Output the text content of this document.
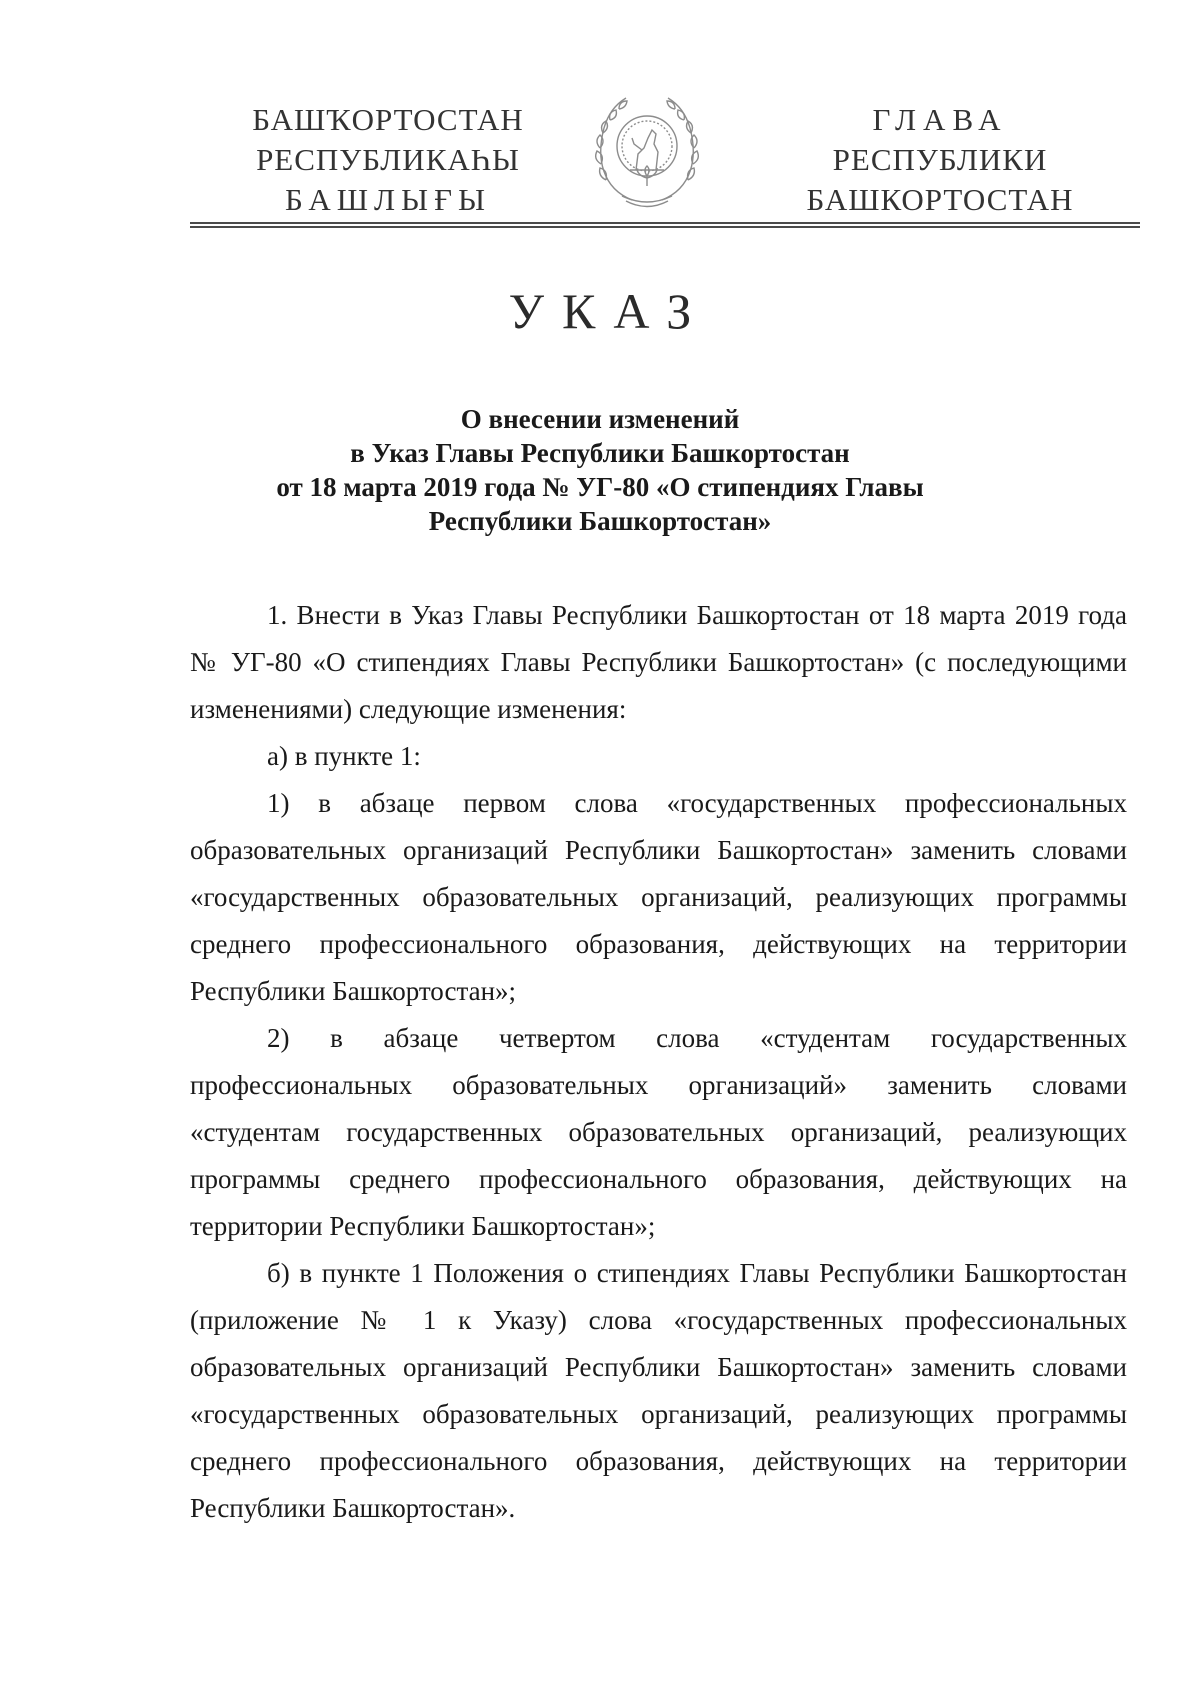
БАШҠОРТОСТАН
РЕСПУБЛИКАҺЫ
БАШЛЫҒЫ
ГЛАВА
РЕСПУБЛИКИ
БАШКОРТОСТАН
УКАЗ
О внесении изменений
в Указ Главы Республики Башкортостан
от 18 марта 2019 года № УГ-80 «О стипендиях Главы
Республики Башкортостан»

1. Внести в Указ Главы Республики Башкортостан от 18 марта 2019 года № УГ-80 «О стипендиях Главы Республики Башкортостан» (с последующими изменениями) следующие изменения:

а) в пункте 1:

1) в абзаце первом слова «государственных профессиональных образовательных организаций Республики Башкортостан» заменить словами «государственных образовательных организаций, реализующих программы среднего профессионального образования, действующих на территории Республики Башкортостан»;

2) в абзаце четвертом слова «студентам государственных профессиональных образовательных организаций» заменить словами «студентам государственных образовательных организаций, реализующих программы среднего профессионального образования, действующих на территории Республики Башкортостан»;

б) в пункте 1 Положения о стипендиях Главы Республики Башкортостан (приложение № 1 к Указу) слова «государственных профессиональных образовательных организаций Республики Башкортостан» заменить словами «государственных образовательных организаций, реализующих программы среднего профессионального образования, действующих на территории Республики Башкортостан».
